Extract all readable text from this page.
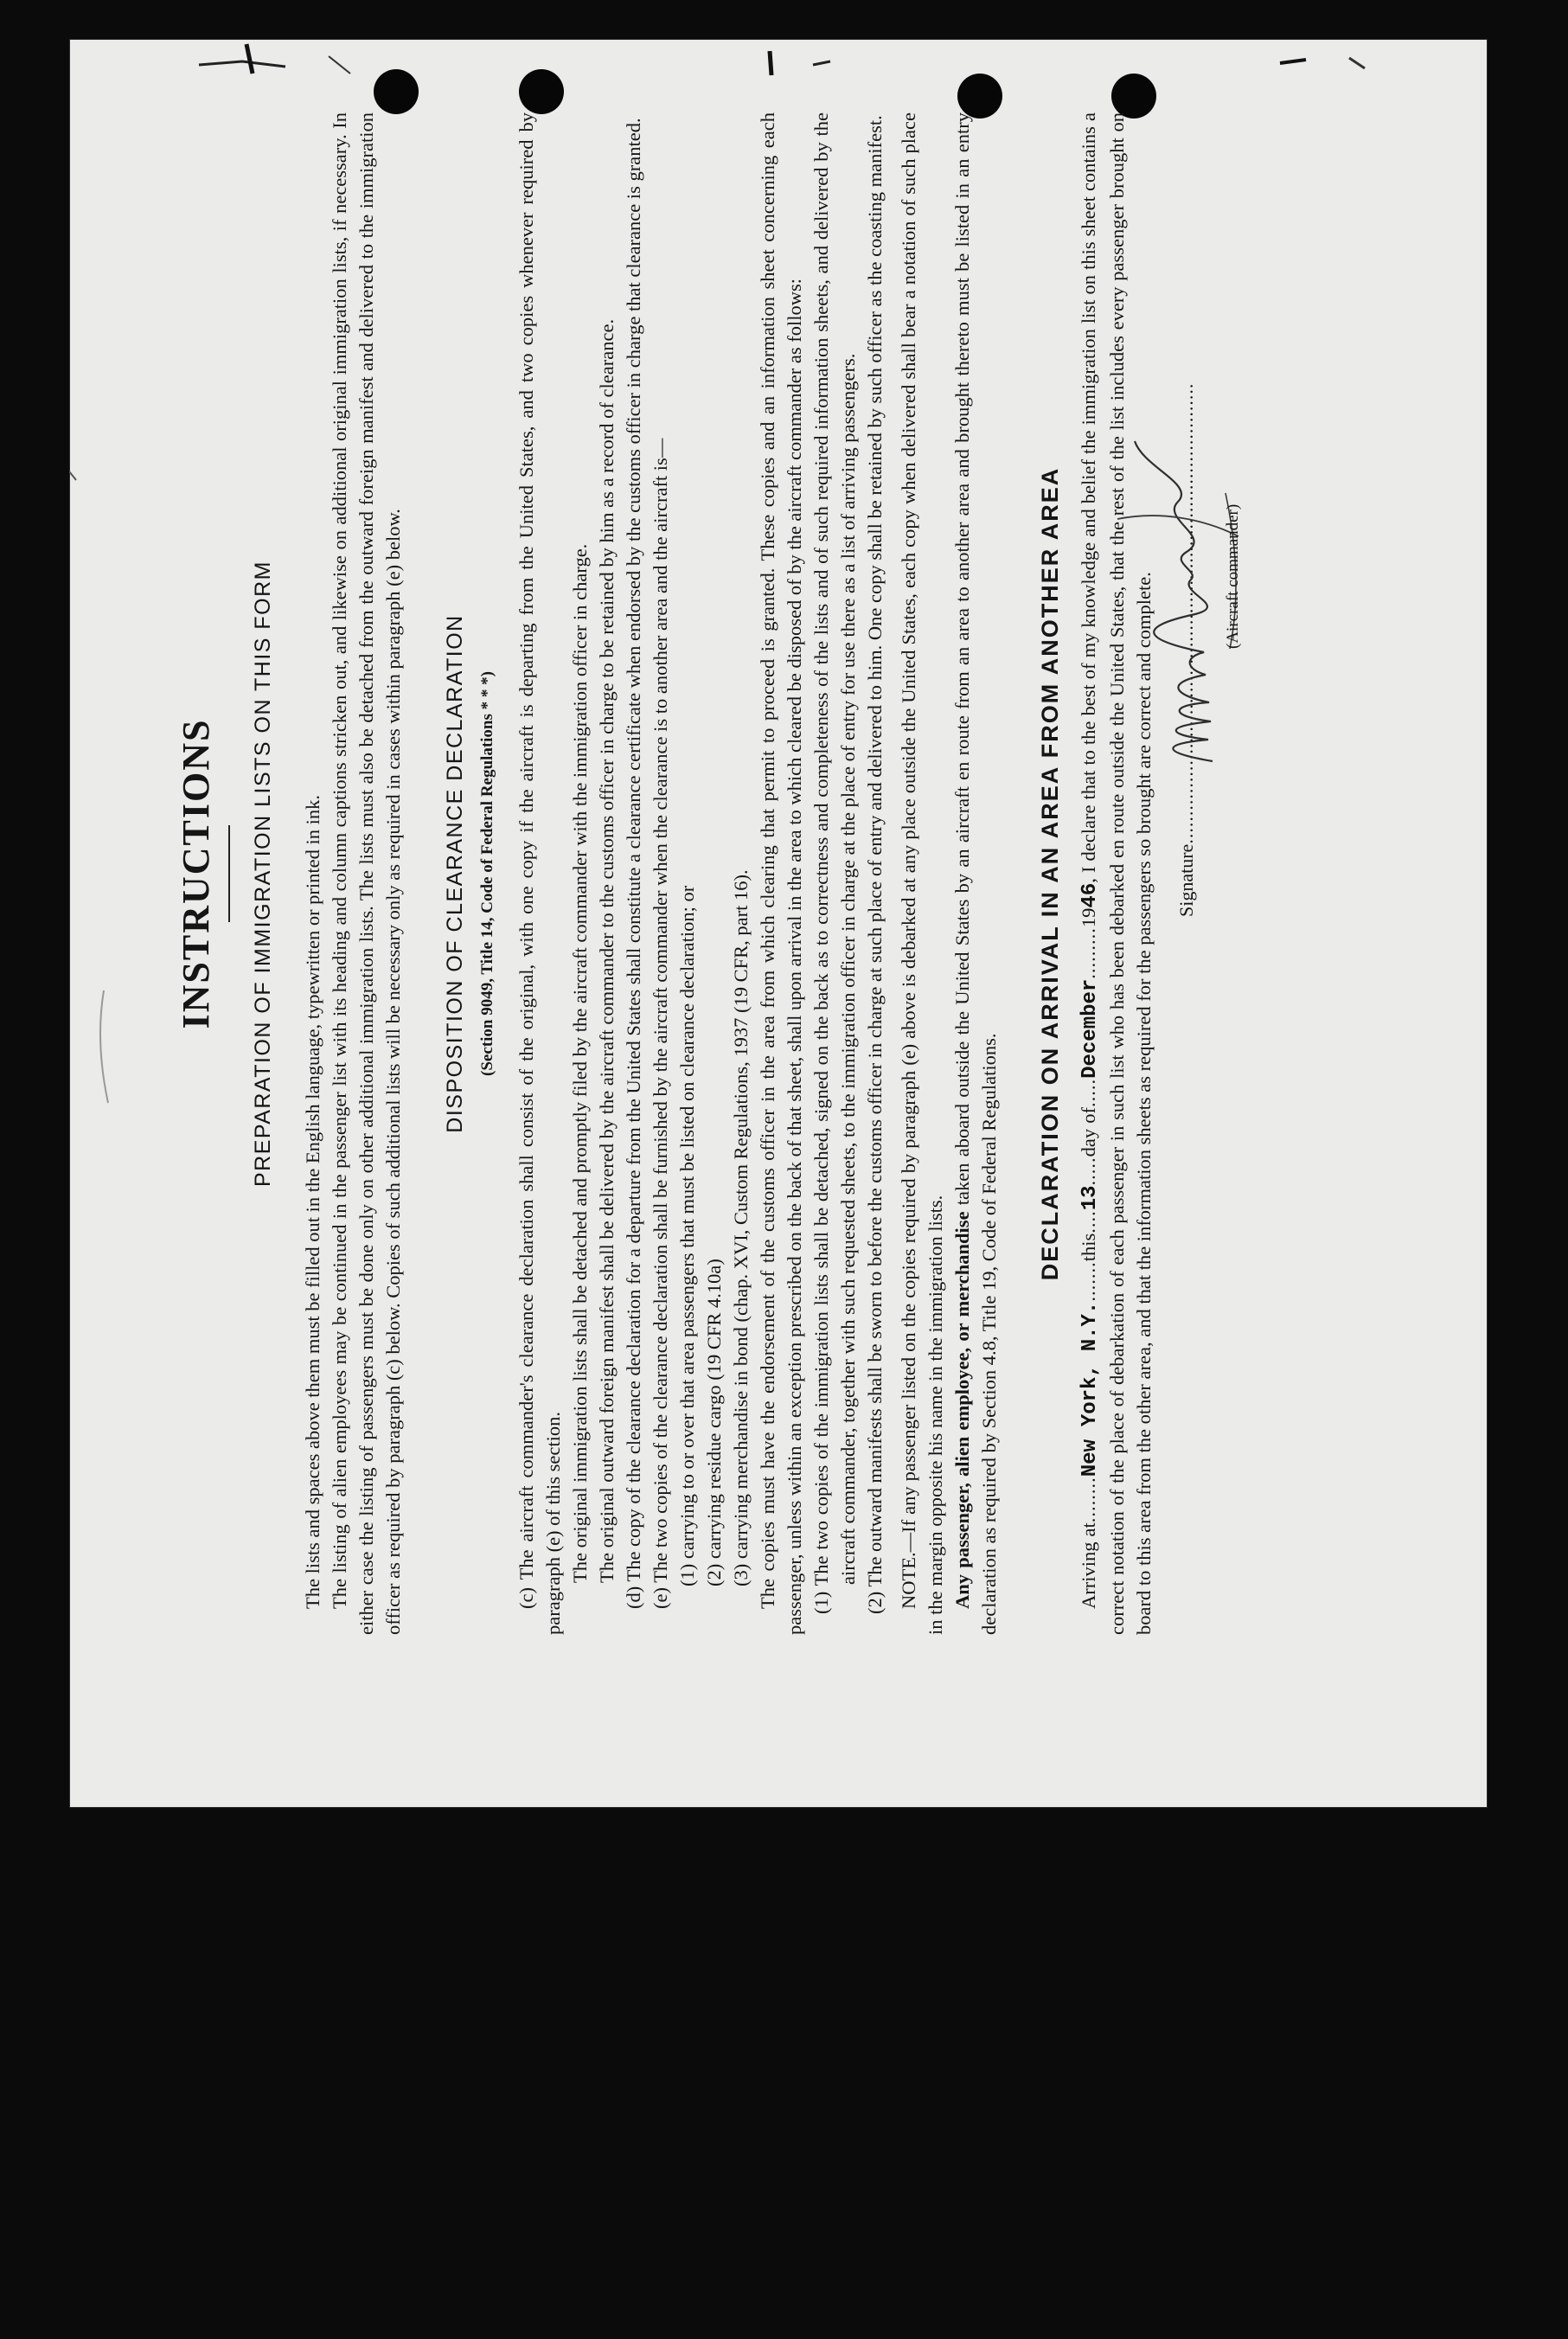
INSTRUCTIONS PREPARATION OF IMMIGRATION LISTS ON THIS FORM The lists and spaces above them must be filled out in the English language, typewritten or printed in ink. The listing of alien employees may be continued in the passenger list with its heading and column captions stricken out, and likewise on additional original immigration lists, if necessary. In either case the listing of passengers must be done only on other additional immigration lists. The lists must also be detached from the outward foreign manifest and delivered to the immigration officer as required by paragraph (c) below. Copies of such additional lists will be necessary only as required in cases within paragraph (e) below. DISPOSITION OF CLEARANCE DECLARATION (Section 9049, Title 14, Code of Federal Regulations * * *) (c) The aircraft commander's clearance declaration shall consist of the original, with one copy if the aircraft is departing from the United States, and two copies whenever required by paragraph (e) of this section. The original immigration lists shall be detached and promptly filed by the aircraft commander with the immigration officer in charge. The original outward foreign manifest shall be delivered by the aircraft commander to the customs officer in charge to be retained by him as a record of clearance. (d) The copy of the clearance declaration for a departure from the United States shall constitute a clearance certificate when endorsed by the customs officer in charge that clearance is granted. (e) The two copies of the clearance declaration shall be furnished by the aircraft commander when the clearance is to another area and the aircraft is— (1) carrying to or over that area passengers that must be listed on clearance declaration; or (2) carrying residue cargo (19 CFR 4.10a) (3) carrying merchandise in bond (chap. XVI, Custom Regulations, 1937 (19 CFR, part 16). The copies must have the endorsement of the customs officer in the area from which clearing that permit to proceed is granted. These copies and an information sheet concerning each passenger, unless within an exception prescribed on the back of that sheet, shall upon arrival in the area to which cleared be disposed of by the aircraft commander as follows: (1) The two copies of the immigration lists shall be detached, signed on the back as to correctness and completeness of the lists and of such required information sheets, and delivered by the aircraft commander, together with such requested sheets, to the immigration officer in charge at the place of entry for use there as a list of arriving passengers. (2) The outward manifests shall be sworn to before the customs officer in charge at such place of entry and delivered to him. One copy shall be retained by such officer as the coasting manifest. NOTE.—If any passenger listed on the copies required by paragraph (e) above is debarked at any place outside the United States, each copy when delivered shall bear a notation of such place in the margin opposite his name in the immigration lists. Any passenger, alien employee, or merchandise taken aboard outside the United States by an aircraft en route from an area to another area and brought thereto must be listed in an entry declaration as required by Section 4.8, Title 19, Code of Federal Regulations.

DECLARATION ON ARRIVAL IN AN AREA FROM ANOTHER AREA

Arriving at........New York, N.Y........this....13.....day of.....December.........1946, I declare that to the best of my knowledge and belief the immigration list on this sheet contains a correct notation of the place of debarkation of each passenger in such list who has been debarked en route outside the United States, that the rest of the list includes every passenger brought on board to this area from the other area, and that the information sheets as required for the passengers so brought are correct and complete. Signature.................................................................................. (Aircraft commander)
